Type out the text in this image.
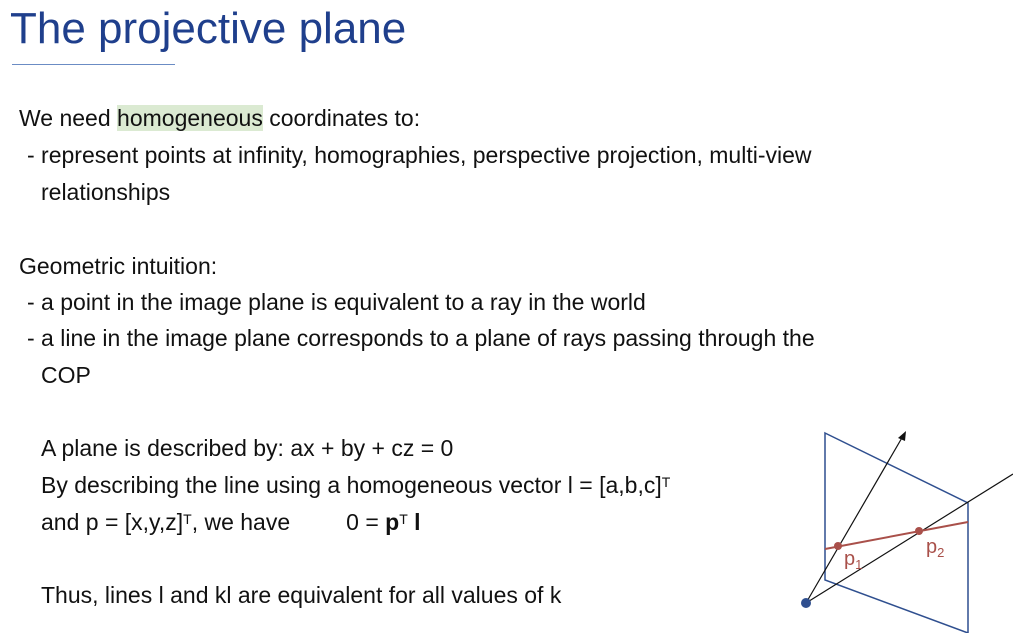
The projective plane
We need homogeneous coordinates to:
- represent points at infinity, homographies, perspective projection, multi-view
relationships
Geometric intuition:
- a point in the image plane is equivalent to a ray in the world
- a line in the image plane corresponds to a plane of rays passing through the
COP
A plane is described by: ax + by + cz = 0
By describing the line using a homogeneous vector $l = [a,b,c]^T$
and $p = [x,y,z]^T$, we have $0 = p^T$ l
Thus, lines l and kl are equivalent for all values of k
$p_1$
$p_2$
